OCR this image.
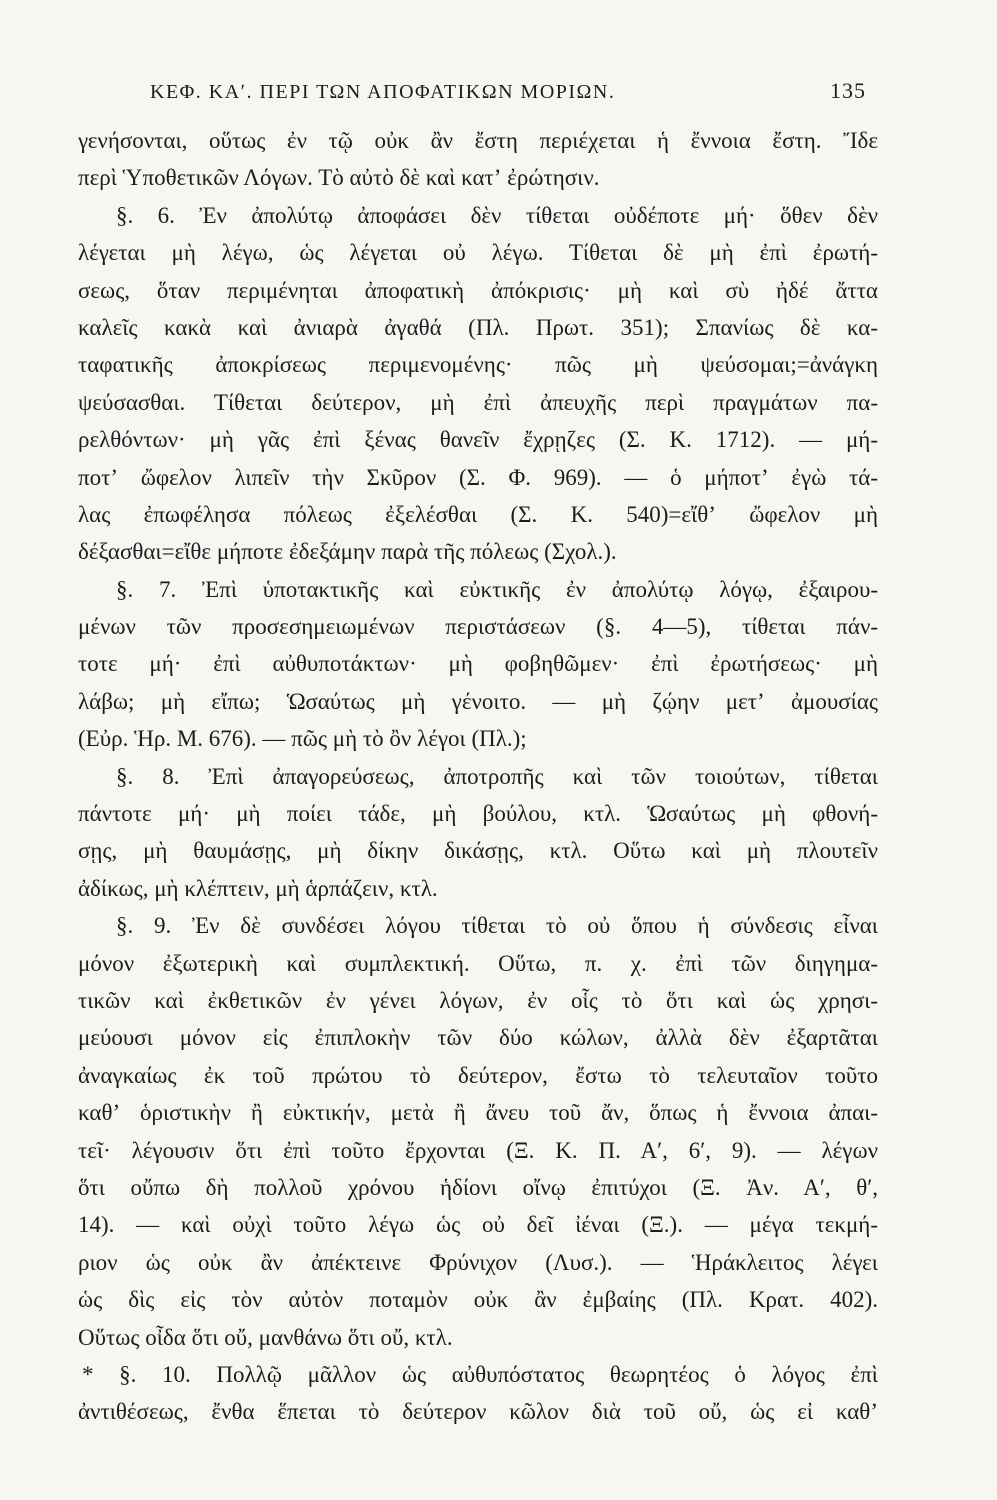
ΚΕΦ. ΚΑʹ. ΠΕΡΙ ΤΩΝ ΑΠΟΦΑΤΙΚΩΝ ΜΟΡΙΩΝ.	135
γενήσονται, οὕτως ἐν τῷ οὐκ ἂν ἔστη περιέχεται ἡ ἔννοια ἔστη. Ἴδε
περὶ Ὑποθετικῶν Λόγων. Τὸ αὐτὸ δὲ καὶ κατʼ ἐρώτησιν.
§. 6. Ἐν ἀπολύτῳ ἀποφάσει δὲν τίθεται οὐδέποτε μή· ὅθεν δὲν
λέγεται μὴ λέγω, ὡς λέγεται οὐ λέγω. Τίθεται δὲ μὴ ἐπὶ ἐρωτή-
σεως, ὅταν περιμένηται ἀποφατικὴ ἀπόκρισις· μὴ καὶ σὺ ἠδέ ἄττα
καλεῖς κακὰ καὶ ἀνιαρὰ ἀγαθά (Πλ. Πρωτ. 351); Σπανίως δὲ κα-
ταφατικῆς ἀποκρίσεως περιμενομένης· πῶς μὴ ψεύσομαι;=ἀνάγκη
ψεύσασθαι. Τίθεται δεύτερον, μὴ ἐπὶ ἀπευχῆς περὶ πραγμάτων πα-
ρελθόντων· μὴ γᾶς ἐπὶ ξένας θανεῖν ἔχρῃζες (Σ. Κ. 1712). — μή-
ποτʼ ὤφελον λιπεῖν τὴν Σκῦρον (Σ. Φ. 969). — ὁ μήποτʼ ἐγὼ τά-
λας ἐπωφέλησα πόλεως ἐξελέσθαι (Σ. Κ. 540)=εἴθʼ ὤφελον μὴ
δέξασθαι=εἴθε μήποτε ἐδεξάμην παρὰ τῆς πόλεως (Σχολ.).
§. 7. Ἐπὶ ὑποτακτικῆς καὶ εὐκτικῆς ἐν ἀπολύτῳ λόγῳ, ἐξαιρου-
μένων τῶν προσεσημειωμένων περιστάσεων (§. 4—5), τίθεται πάν-
τοτε μή· ἐπὶ αὐθυποτάκτων· μὴ φοβηθῶμεν· ἐπὶ ἐρωτήσεως· μὴ
λάβω; μὴ εἴπω; Ὡσαύτως μὴ γένοιτο. — μὴ ζῴην μετʼ ἀμουσίας
(Εὐρ. Ἡρ. Μ. 676). — πῶς μὴ τὸ ὂν λέγοι (Πλ.);
§. 8. Ἐπὶ ἀπαγορεύσεως, ἀποτροπῆς καὶ τῶν τοιούτων, τίθεται
πάντοτε μή· μὴ ποίει τάδε, μὴ βούλου, κτλ. Ὡσαύτως μὴ φθονή-
σῃς, μὴ θαυμάσῃς, μὴ δίκην δικάσῃς, κτλ. Οὕτω καὶ μὴ πλουτεῖν
ἀδίκως, μὴ κλέπτειν, μὴ ἁρπάζειν, κτλ.
§. 9. Ἐν δὲ συνδέσει λόγου τίθεται τὸ οὐ ὅπου ἡ σύνδεσις εἶναι
μόνον ἐξωτερικὴ καὶ συμπλεκτική. Οὕτω, π. χ. ἐπὶ τῶν διηγημα-
τικῶν καὶ ἐκθετικῶν ἐν γένει λόγων, ἐν οἷς τὸ ὅτι καὶ ὡς χρησι-
μεύουσι μόνον εἰς ἐπιπλοκὴν τῶν δύο κώλων, ἀλλὰ δὲν ἐξαρτᾶται
ἀναγκαίως ἐκ τοῦ πρώτου τὸ δεύτερον, ἔστω τὸ τελευταῖον τοῦτο
καθʼ ὁριστικὴν ἢ εὐκτικήν, μετὰ ἢ ἄνευ τοῦ ἄν, ὅπως ἡ ἔννοια ἀπαι-
τεῖ· λέγουσιν ὅτι ἐπὶ τοῦτο ἔρχονται (Ξ. Κ. Π. Αʹ, 6ʹ, 9). — λέγων
ὅτι οὔπω δὴ πολλοῦ χρόνου ἡδίονι οἴνῳ ἐπιτύχοι (Ξ. Ἀν. Αʹ, θʹ,
14). — καὶ οὐχὶ τοῦτο λέγω ὡς οὐ δεῖ ἰέναι (Ξ.). — μέγα τεκμή-
ριον ὡς οὐκ ἂν ἀπέκτεινε Φρύνιχον (Λυσ.). — Ἡράκλειτος λέγει
ὡς δὶς εἰς τὸν αὐτὸν ποταμὸν οὐκ ἂν ἐμβαίης (Πλ. Κρατ. 402).
Οὕτως οἶδα ὅτι οὔ, μανθάνω ὅτι οὔ, κτλ.
* §. 10. Πολλῷ μᾶλλον ὡς αὐθυπόστατος θεωρητέος ὁ λόγος ἐπὶ
ἀντιθέσεως, ἔνθα ἕπεται τὸ δεύτερον κῶλον διὰ τοῦ οὔ, ὡς εἰ καθʼ
